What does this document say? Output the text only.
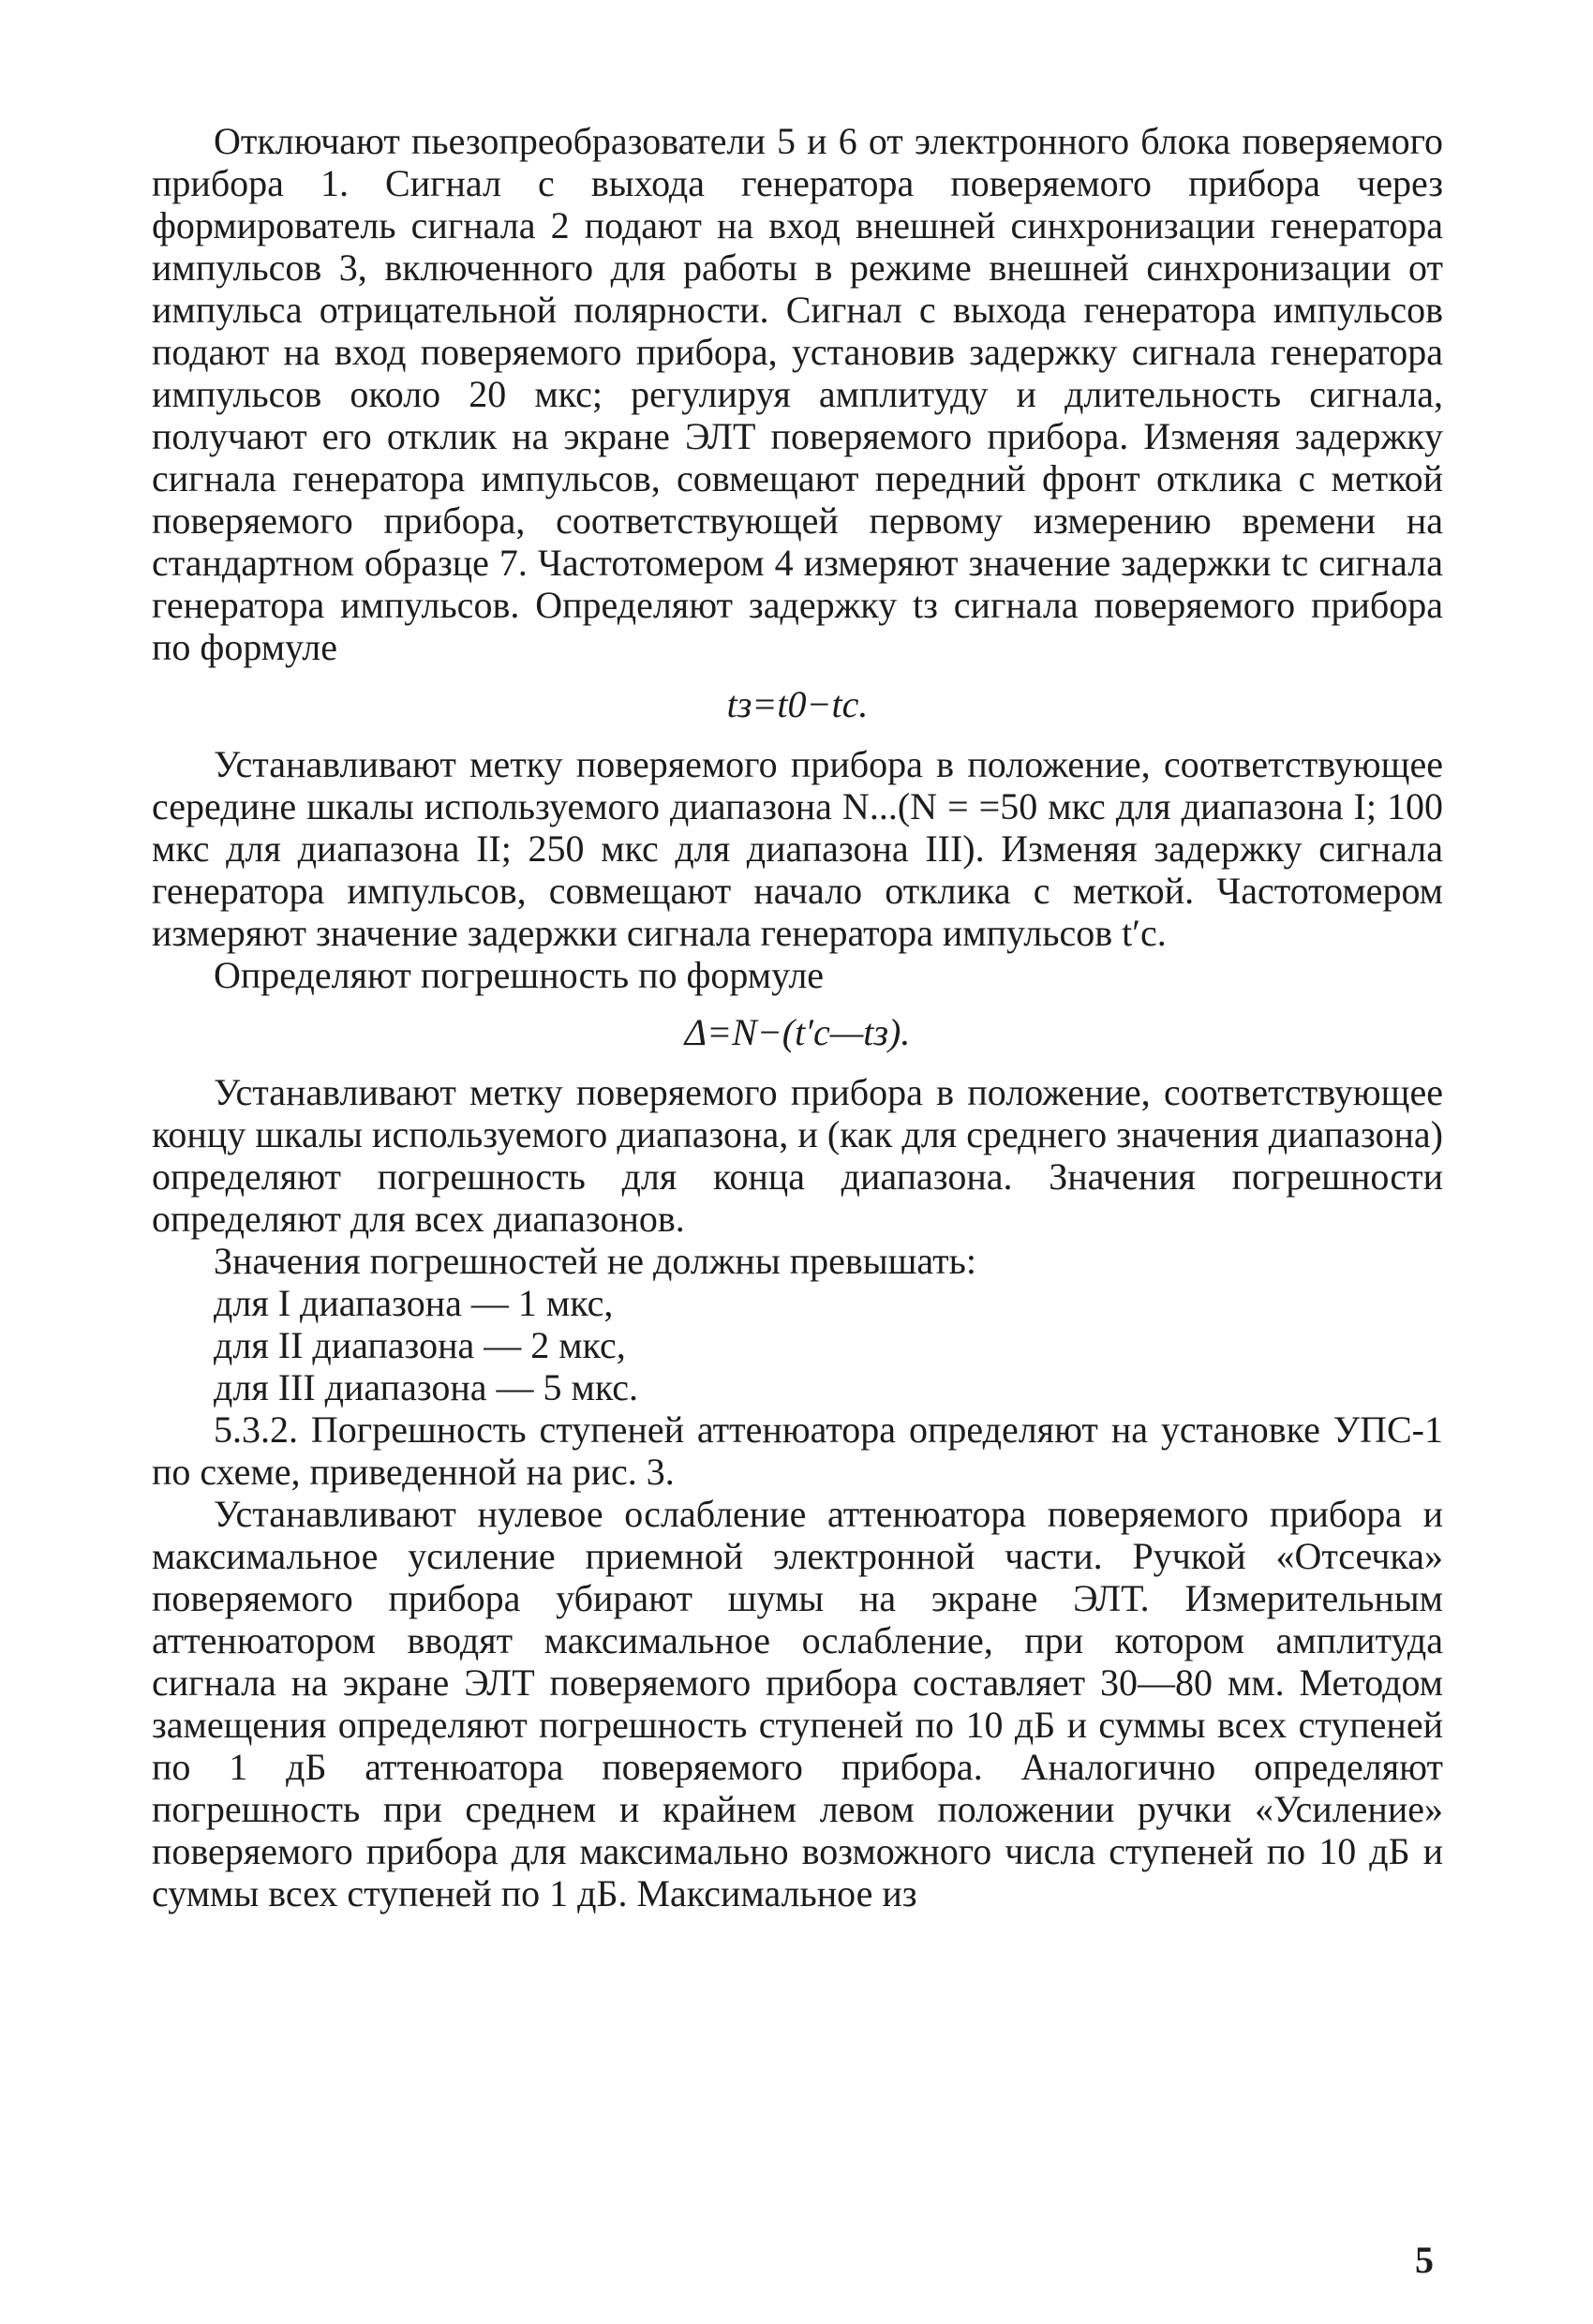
Отключают пьезопреобразователи 5 и 6 от электронного блока поверяемого прибора 1. Сигнал с выхода генератора поверяемого прибора через формирователь сигнала 2 подают на вход внешней синхронизации генератора импульсов 3, включенного для работы в режиме внешней синхронизации от импульса отрицательной полярности. Сигнал с выхода генератора импульсов подают на вход поверяемого прибора, установив задержку сигнала генератора импульсов около 20 мкс; регулируя амплитуду и длительность сигнала, получают его отклик на экране ЭЛТ поверяемого прибора. Изменяя задержку сигнала генератора импульсов, совмещают передний фронт отклика с меткой поверяемого прибора, соответствующей первому измерению времени на стандартном образце 7. Частотомером 4 измеряют значение задержки tс сигнала генератора импульсов. Определяют задержку tз сигнала поверяемого прибора по формуле

tз=t0−tс.

Устанавливают метку поверяемого прибора в положение, соответствующее середине шкалы используемого диапазона N...(N = =50 мкс для диапазона I; 100 мкс для диапазона II; 250 мкс для диапазона III). Изменяя задержку сигнала генератора импульсов, совмещают начало отклика с меткой. Частотомером измеряют значение задержки сигнала генератора импульсов t′с.

Определяют погрешность по формуле

Δ=N−(t′с—tз).

Устанавливают метку поверяемого прибора в положение, соответствующее концу шкалы используемого диапазона, и (как для среднего значения диапазона) определяют погрешность для конца диапазона. Значения погрешности определяют для всех диапазонов.

Значения погрешностей не должны превышать:

для I диапазона — 1 мкс,

для II диапазона — 2 мкс,

для III диапазона — 5 мкс.

5.3.2. Погрешность ступеней аттенюатора определяют на установке УПС-1 по схеме, приведенной на рис. 3.

Устанавливают нулевое ослабление аттенюатора поверяемого прибора и максимальное усиление приемной электронной части. Ручкой «Отсечка» поверяемого прибора убирают шумы на экране ЭЛТ. Измерительным аттенюатором вводят максимальное ослабление, при котором амплитуда сигнала на экране ЭЛТ поверяемого прибора составляет 30—80 мм. Методом замещения определяют погрешность ступеней по 10 дБ и суммы всех ступеней по 1 дБ аттенюатора поверяемого прибора. Аналогично определяют погрешность при среднем и крайнем левом положении ручки «Усиление» поверяемого прибора для максимально возможного числа ступеней по 10 дБ и суммы всех ступеней по 1 дБ. Максимальное из

5
